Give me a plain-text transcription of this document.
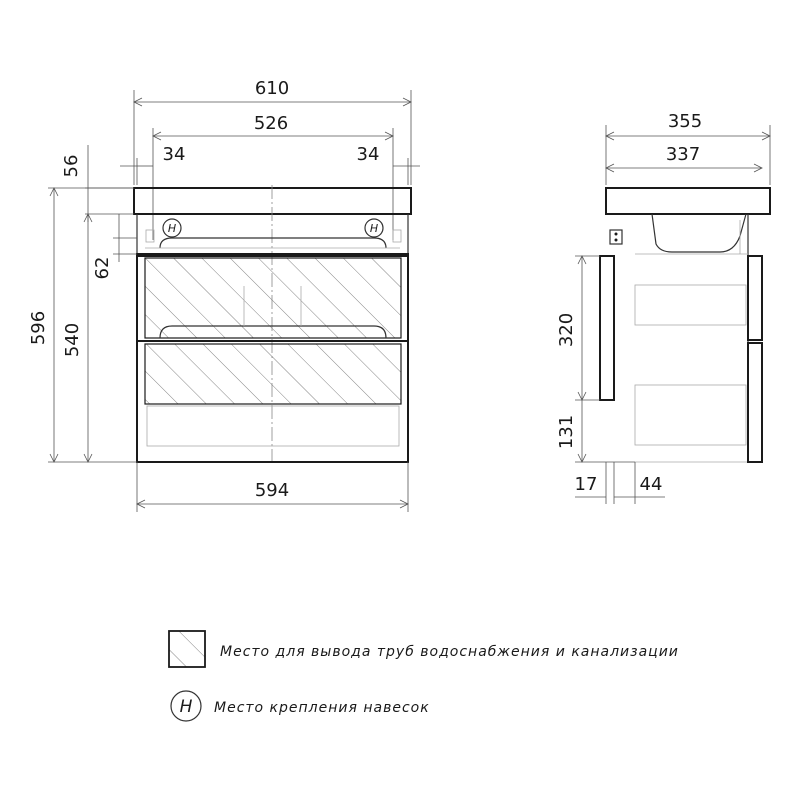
610
526
34	34
H	H
56
62
596 540
594
355
337
320
131
17 44
Место для вывода труб водоснабжения и канализации
H Место крепления навесок
